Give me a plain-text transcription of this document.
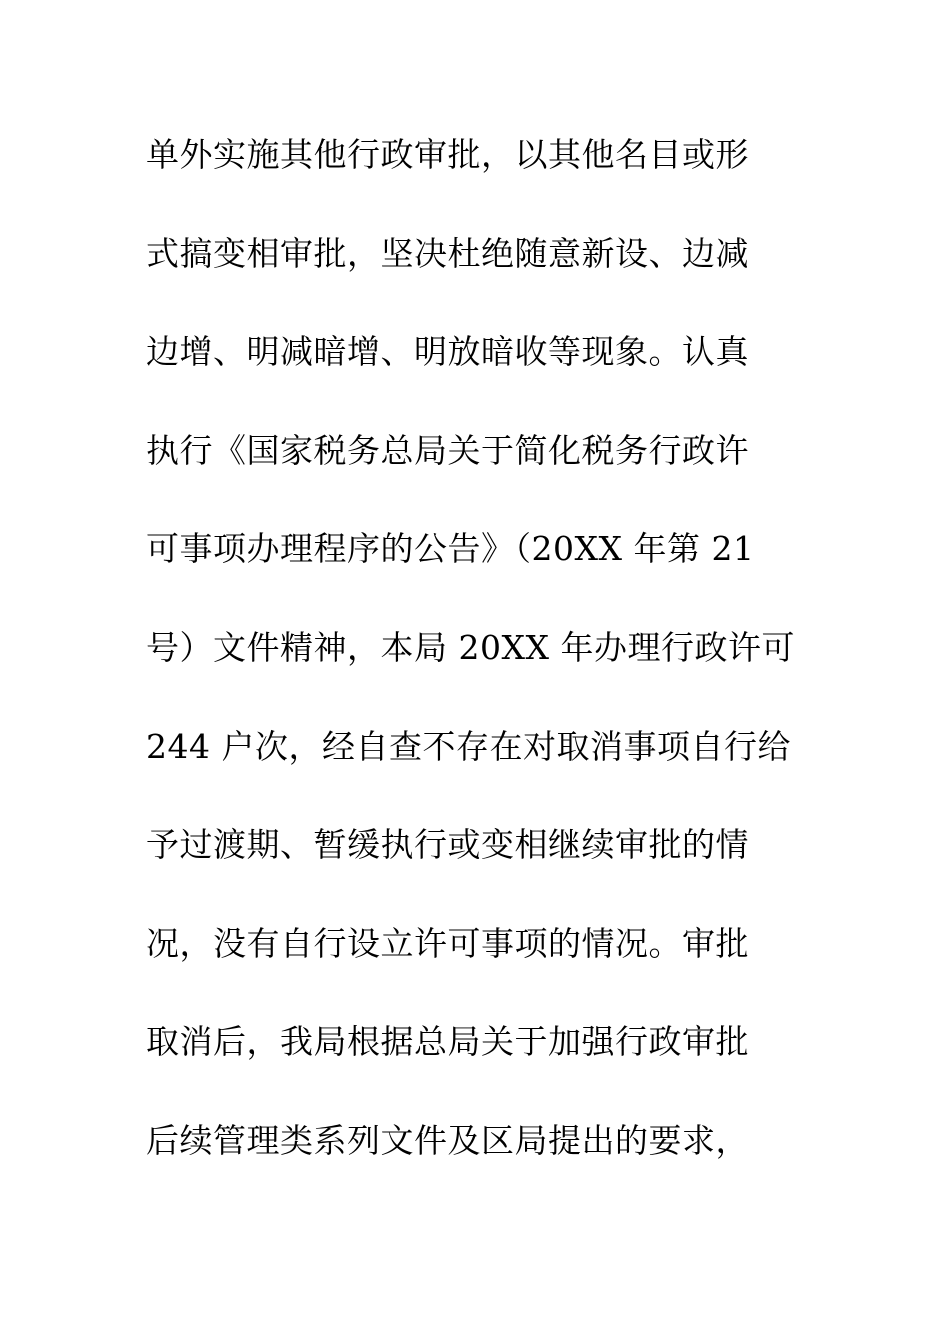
单外实施其他行政审批，以其他名目或形
式搞变相审批，坚决杜绝随意新设、边减
边增、明减暗增、明放暗收等现象。认真
执行《国家税务总局关于简化税务行政许
可事项办理程序的公告》（20XX 年第 21
号）文件精神，本局 20XX 年办理行政许可
244 户次，经自查不存在对取消事项自行给
予过渡期、暂缓执行或变相继续审批的情
况，没有自行设立许可事项的情况。审批
取消后，我局根据总局关于加强行政审批
后续管理类系列文件及区局提出的要求，
